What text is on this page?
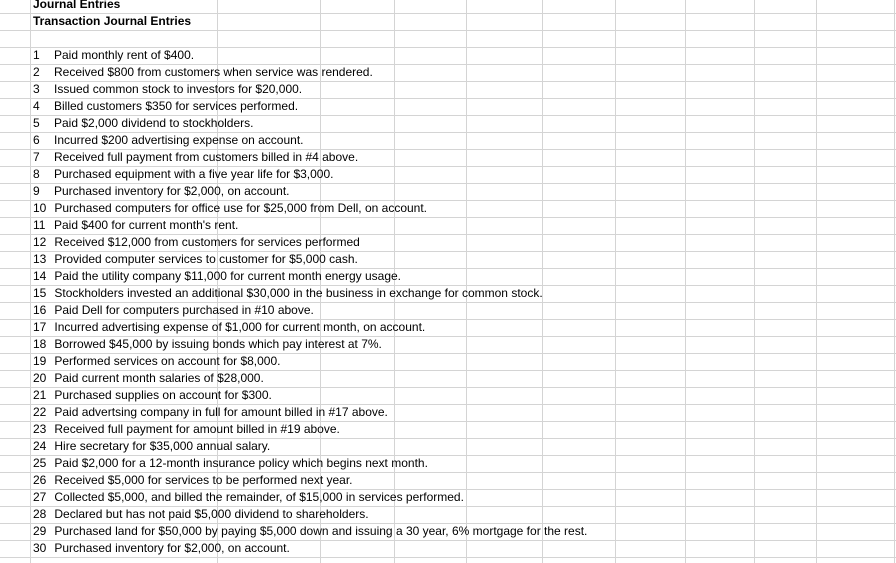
Journal Entries
Transaction Journal Entries
1 Paid monthly rent of $400.
2 Received $800 from customers when service was rendered.
3 Issued common stock to investors for $20,000.
4 Billed customers $350 for services performed.
5 Paid $2,000 dividend to stockholders.
6 Incurred $200 advertising expense on account.
7 Received full payment from customers billed in #4 above.
8 Purchased equipment with a five year life for $3,000.
9 Purchased inventory for $2,000, on account.
10 Purchased computers for office use for $25,000 from Dell, on account.
11 Paid $400 for current month's rent.
12 Received $12,000 from customers for services performed
13 Provided computer services to customer for $5,000 cash.
14 Paid the utility company $11,000 for current month energy usage.
15 Stockholders invested an additional $30,000 in the business in exchange for common stock.
16 Paid Dell for computers purchased in #10 above.
17 Incurred advertising expense of $1,000 for current month, on account.
18 Borrowed $45,000 by issuing bonds which pay interest at 7%.
19 Performed services on account for $8,000.
20 Paid current month salaries of $28,000.
21 Purchased supplies on account for $300.
22 Paid advertsing company in full for amount billed in #17 above.
23 Received full payment for amount billed in #19 above.
24 Hire secretary for $35,000 annual salary.
25 Paid $2,000 for a 12-month insurance policy which begins next month.
26 Received $5,000 for services to be performed next year.
27 Collected $5,000, and billed the remainder, of $15,000 in services performed.
28 Declared but has not paid $5,000 dividend to shareholders.
29 Purchased land for $50,000 by paying $5,000 down and issuing a 30 year, 6% mortgage for the rest.
30 Purchased inventory for $2,000, on account.
